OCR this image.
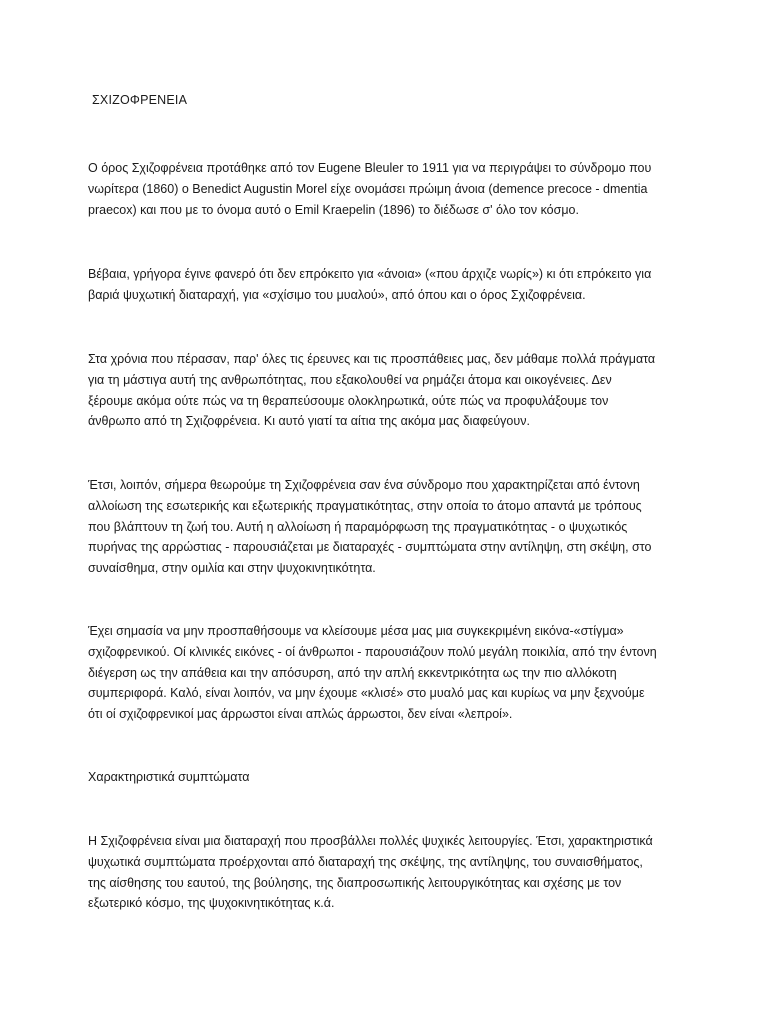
ΣΧΙΖΟΦΡΕΝΕΙΑ
Ο όρος Σχιζοφρένεια προτάθηκε από τον Eugene Bleuler το 1911 για να περιγράψει το σύνδρομο που
νωρίτερα (1860) ο Benedict Augustin Morel είχε ονομάσει πρώιμη άνοια (demence precoce - dmentia
praecox) και που με το όνομα αυτό ο Emil Kraepelin (1896) το διέδωσε σ' όλο τον κόσμο.
Βέβαια, γρήγορα έγινε φανερό ότι δεν επρόκειτο για «άνοια» («που άρχιζε νωρίς») κι ότι επρόκειτο για
βαριά ψυχωτική διαταραχή, για «σχίσιμο του μυαλού», από όπου και ο όρος Σχιζοφρένεια.
Στα χρόνια που πέρασαν, παρ' όλες τις έρευνες και τις προσπάθειες μας, δεν μάθαμε πολλά πράγματα
για τη μάστιγα αυτή της ανθρωπότητας, που εξακολουθεί να ρημάζει άτομα και οικογένειες. Δεν
ξέρουμε ακόμα ούτε πώς να τη θεραπεύσουμε ολοκληρωτικά, ούτε πώς να προφυλάξουμε τον
άνθρωπο από τη Σχιζοφρένεια. Κι αυτό γιατί τα αίτια της ακόμα μας διαφεύγουν.
Έτσι, λοιπόν, σήμερα θεωρούμε τη Σχιζοφρένεια σαν ένα σύνδρομο που χαρακτηρίζεται από έντονη
αλλοίωση της εσωτερικής και εξωτερικής πραγματικότητας, στην οποία το άτομο απαντά με τρόπους
που βλάπτουν τη ζωή του. Αυτή η αλλοίωση ή παραμόρφωση της πραγματικότητας - ο ψυχωτικός
πυρήνας της αρρώστιας - παρουσιάζεται με διαταραχές - συμπτώματα στην αντίληψη, στη σκέψη, στο
συναίσθημα, στην ομιλία και στην ψυχοκινητικότητα.
Έχει σημασία να μην προσπαθήσουμε να κλείσουμε μέσα μας μια συγκεκριμένη εικόνα-«στίγμα»
σχιζοφρενικού. Οί κλινικές εικόνες - οί άνθρωποι - παρουσιάζουν πολύ μεγάλη ποικιλία, από την έντονη
διέγερση ως την απάθεια και την απόσυρση, από την απλή εκκεντρικότητα ως την πιο αλλόκοτη
συμπεριφορά. Καλό, είναι λοιπόν, να μην έχουμε «κλισέ» στο μυαλό μας και κυρίως να μην ξεχνούμε
ότι οί σχιζοφρενικοί μας άρρωστοι είναι απλώς άρρωστοι, δεν είναι «λεπροί».
Χαρακτηριστικά συμπτώματα
Η Σχιζοφρένεια είναι μια διαταραχή που προσβάλλει πολλές ψυχικές λειτουργίες. Έτσι, χαρακτηριστικά
ψυχωτικά συμπτώματα προέρχονται από διαταραχή της σκέψης, της αντίληψης, του συναισθήματος,
της αίσθησης του εαυτού, της βούλησης, της διαπροσωπικής λειτουργικότητας και σχέσης με τον
εξωτερικό κόσμο, της ψυχοκινητικότητας κ.ά.
